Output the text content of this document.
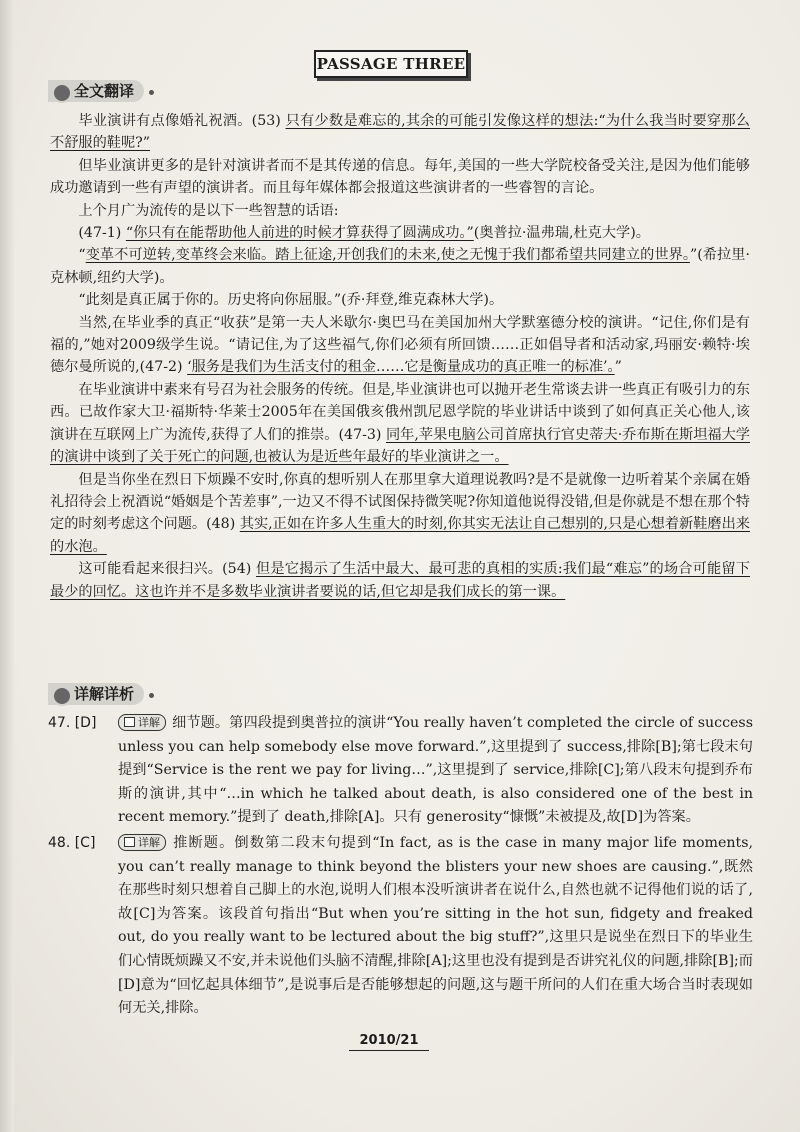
PASSAGE THREE
全文翻译

毕业演讲有点像婚礼祝酒。(53) 只有少数是难忘的,其余的可能引发像这样的想法:“为什么我当时要穿那么不舒服的鞋呢?”

但毕业演讲更多的是针对演讲者而不是其传递的信息。每年,美国的一些大学院校备受关注,是因为他们能够成功邀请到一些有声望的演讲者。而且每年媒体都会报道这些演讲者的一些睿智的言论。

上个月广为流传的是以下一些智慧的话语:

(47-1) “你只有在能帮助他人前进的时候才算获得了圆满成功。”(奥普拉·温弗瑞,杜克大学)。

“变革不可逆转,变革终会来临。踏上征途,开创我们的未来,使之无愧于我们都希望共同建立的世界。”(希拉里·克林顿,纽约大学)。

“此刻是真正属于你的。历史将向你屈服。”(乔·拜登,维克森林大学)。

当然,在毕业季的真正“收获”是第一夫人米歇尔·奥巴马在美国加州大学默塞德分校的演讲。“记住,你们是有福的,”她对2009级学生说。“请记住,为了这些福气,你们必须有所回馈……正如倡导者和活动家,玛丽安·赖特·埃德尔曼所说的,(47-2) ‘服务是我们为生活支付的租金……它是衡量成功的真正唯一的标准’。”

在毕业演讲中素来有号召为社会服务的传统。但是,毕业演讲也可以抛开老生常谈去讲一些真正有吸引力的东西。已故作家大卫·福斯特·华莱士2005年在美国俄亥俄州凯尼恩学院的毕业讲话中谈到了如何真正关心他人,该演讲在互联网上广为流传,获得了人们的推崇。(47-3) 同年,苹果电脑公司首席执行官史蒂夫·乔布斯在斯坦福大学的演讲中谈到了关于死亡的问题,也被认为是近些年最好的毕业演讲之一。

但是当你坐在烈日下烦躁不安时,你真的想听别人在那里拿大道理说教吗?是不是就像一边听着某个亲属在婚礼招待会上祝酒说“婚姻是个苦差事”,一边又不得不试图保持微笑呢?你知道他说得没错,但是你就是不想在那个特定的时刻考虑这个问题。(48) 其实,正如在许多人生重大的时刻,你其实无法让自己想别的,只是心想着新鞋磨出来的水泡。

这可能看起来很扫兴。(54) 但是它揭示了生活中最大、最可悲的真相的实质:我们最“难忘”的场合可能留下最少的回忆。这也许并不是多数毕业演讲者要说的话,但它却是我们成长的第一课。

详解详析
47. [D]	详解 细节题。第四段提到奥普拉的演讲“You really haven’t completed the circle of success unless you can help somebody else move forward.”,这里提到了 success,排除[B];第七段末句提到“Service is the rent we pay for living…”,这里提到了 service,排除[C];第八段末句提到乔布斯的演讲,其中“…in which he talked about death, is also considered one of the best in recent memory.”提到了 death,排除[A]。只有 generosity“慷慨”未被提及,故[D]为答案。

48. [C]	详解 推断题。倒数第二段末句提到“In fact, as is the case in many major life moments, you can’t really manage to think beyond the blisters your new shoes are causing.”,既然在那些时刻只想着自己脚上的水泡,说明人们根本没听演讲者在说什么,自然也就不记得他们说的话了,故[C]为答案。该段首句指出“But when you’re sitting in the hot sun, fidgety and freaked out, do you really want to be lectured about the big stuff?”,这里只是说坐在烈日下的毕业生们心情既烦躁又不安,并未说他们头脑不清醒,排除[A];这里也没有提到是否讲究礼仪的问题,排除[B];而[D]意为“回忆起具体细节”,是说事后是否能够想起的问题,这与题干所问的人们在重大场合当时表现如何无关,排除。

2010/21
